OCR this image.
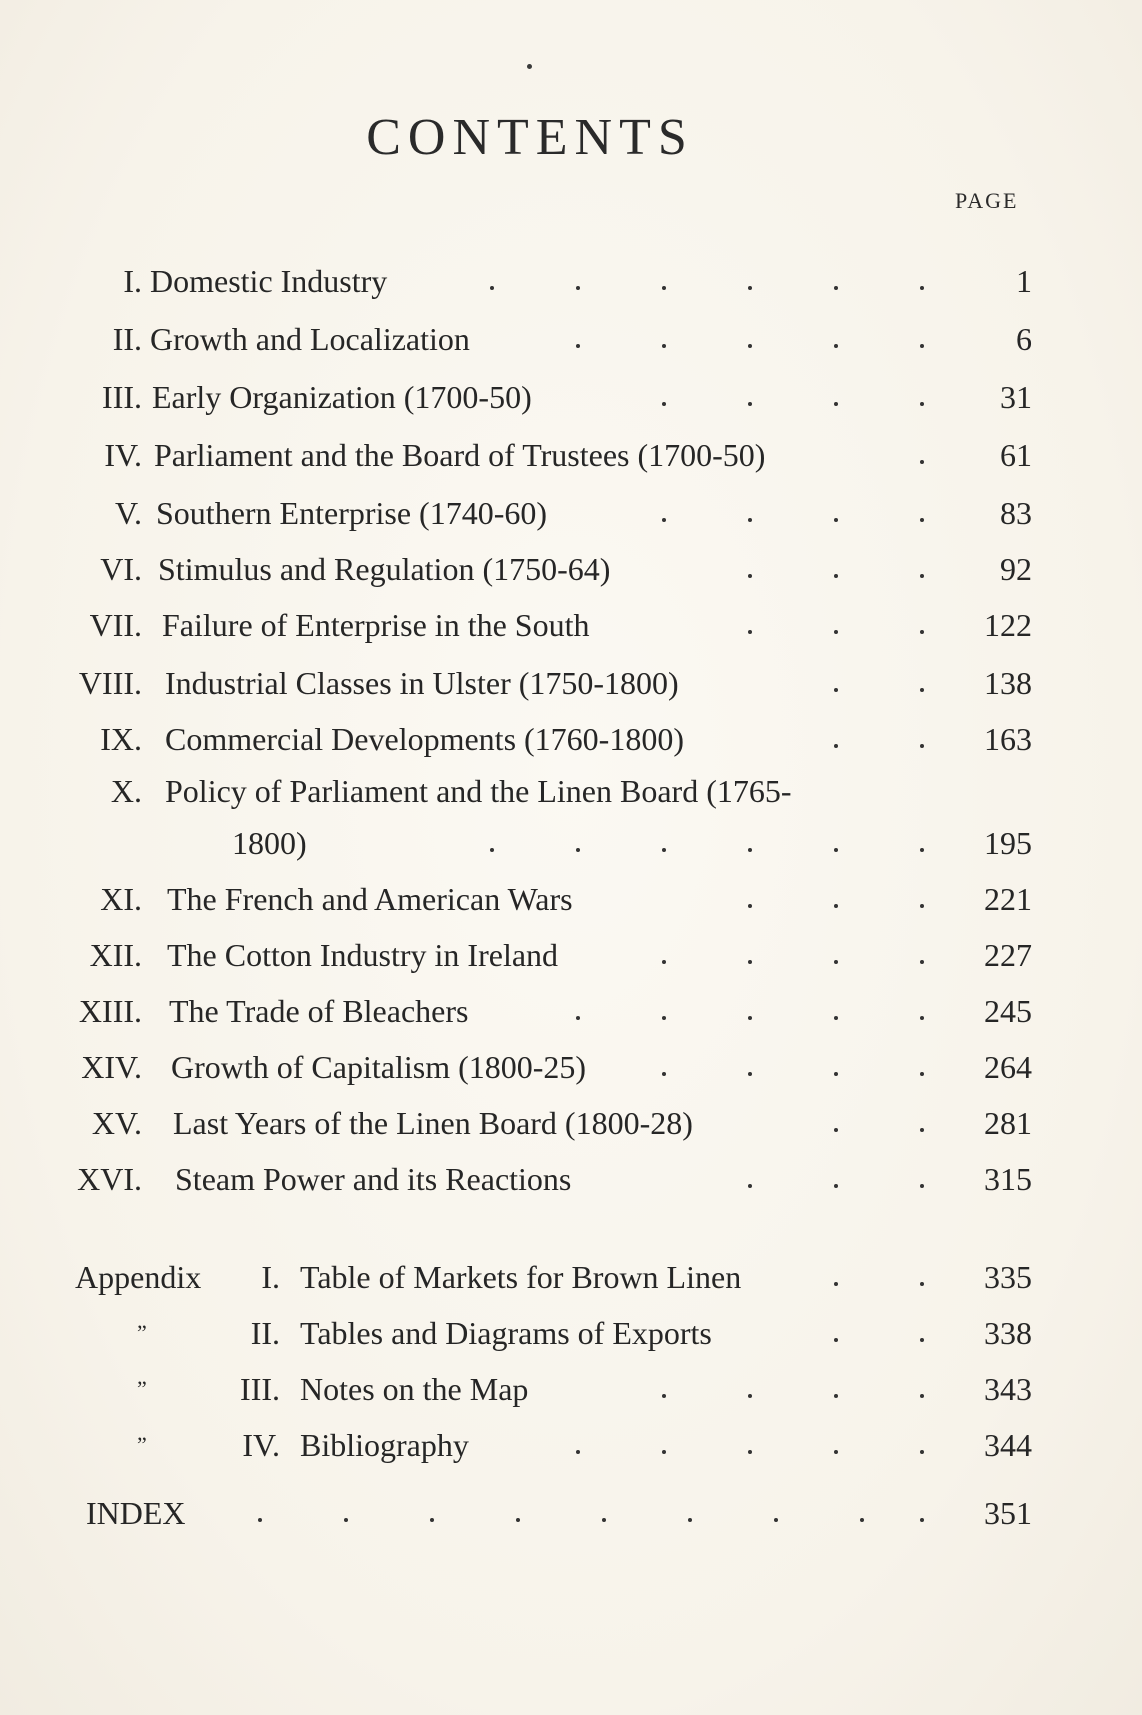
CONTENTS
PAGE
I. Domestic Industry	1
II. Growth and Localization	6
III. Early Organization (1700-50)	31
IV. Parliament and the Board of Trustees (1700-50)	61
V. Southern Enterprise (1740-60)	83
VI. Stimulus and Regulation (1750-64)	92
VII. Failure of Enterprise in the South	122
VIII. Industrial Classes in Ulster (1750-1800)	138
IX. Commercial Developments (1760-1800)	163
X. Policy of Parliament and the Linen Board (1765-
1800)	195
XI. The French and American Wars	221
XII. The Cotton Industry in Ireland	227
XIII. The Trade of Bleachers	245
XIV. Growth of Capitalism (1800-25)	264
XV. Last Years of the Linen Board (1800-28)	281
XVI. Steam Power and its Reactions	315
Appendix I. Table of Markets for Brown Linen	335
”	II. Tables and Diagrams of Exports	338
”	III. Notes on the Map	343
”	IV. Bibliography	344
INDEX	351
